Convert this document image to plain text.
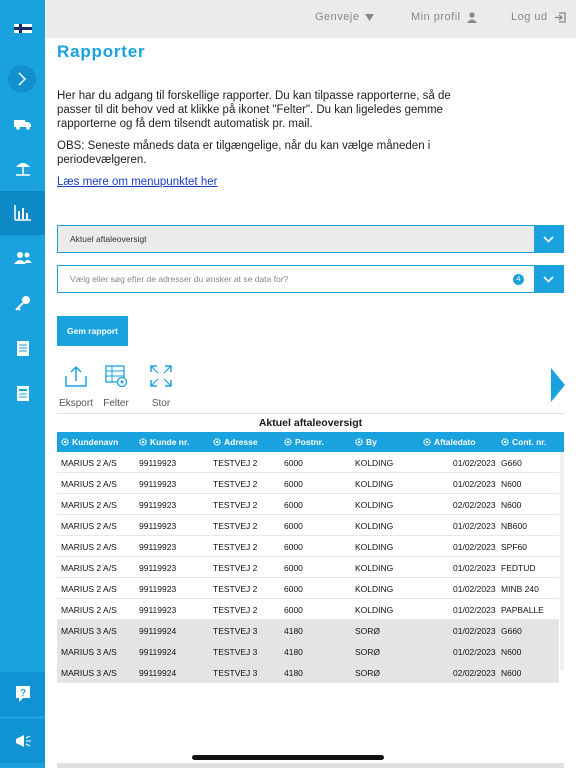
?
Genveje	Min profil	Log ud
Rapporter
Her har du adgang til forskellige rapporter. Du kan tilpasse rapporterne, så de passer til dit behov ved at klikke på ikonet "Felter". Du kan ligeledes gemme rapporterne og få dem tilsendt automatisk pr. mail.
OBS: Seneste måneds data er tilgængelige, når du kan vælge måneden i periodevælgeren.
Læs mere om menupunktet her
Aktuel aftaleoversigt
Vælg eller søg efter de adresser du ønsker at se data for?	4
Gem rapport
Eksport	Felter	Stor
Aktuel aftaleoversigt
Kundenavn	Kunde nr.	Adresse	Postnr.	By	Aftaledato	Cont. nr.
MARIUS 2 A/S	99119923	TESTVEJ 2	6000	KOLDING	01/02/2023 G660
MARIUS 2 A/S	99119923	TESTVEJ 2	6000	KOLDING	01/02/2023 N600
MARIUS 2 A/S	99119923	TESTVEJ 2	6000	KOLDING	02/02/2023 N600
MARIUS 2 A/S	99119923	TESTVEJ 2	6000	KOLDING	01/02/2023 NB600
MARIUS 2 A/S	99119923	TESTVEJ 2	6000	KOLDING	01/02/2023 SPF60
MARIUS 2 A/S	99119923	TESTVEJ 2	6000	KOLDING	01/02/2023 FEDTUD
MARIUS 2 A/S	99119923	TESTVEJ 2	6000	KOLDING	01/02/2023 MINB 240
MARIUS 2 A/S	99119923	TESTVEJ 2	6000	KOLDING	01/02/2023 PAPBALLE
MARIUS 3 A/S	99119924	TESTVEJ 3	4180	SORØ	01/02/2023 G660
MARIUS 3 A/S	99119924	TESTVEJ 3	4180	SORØ	01/02/2023 N600
MARIUS 3 A/S	99119924	TESTVEJ 3	4180	SORØ	02/02/2023 N600
